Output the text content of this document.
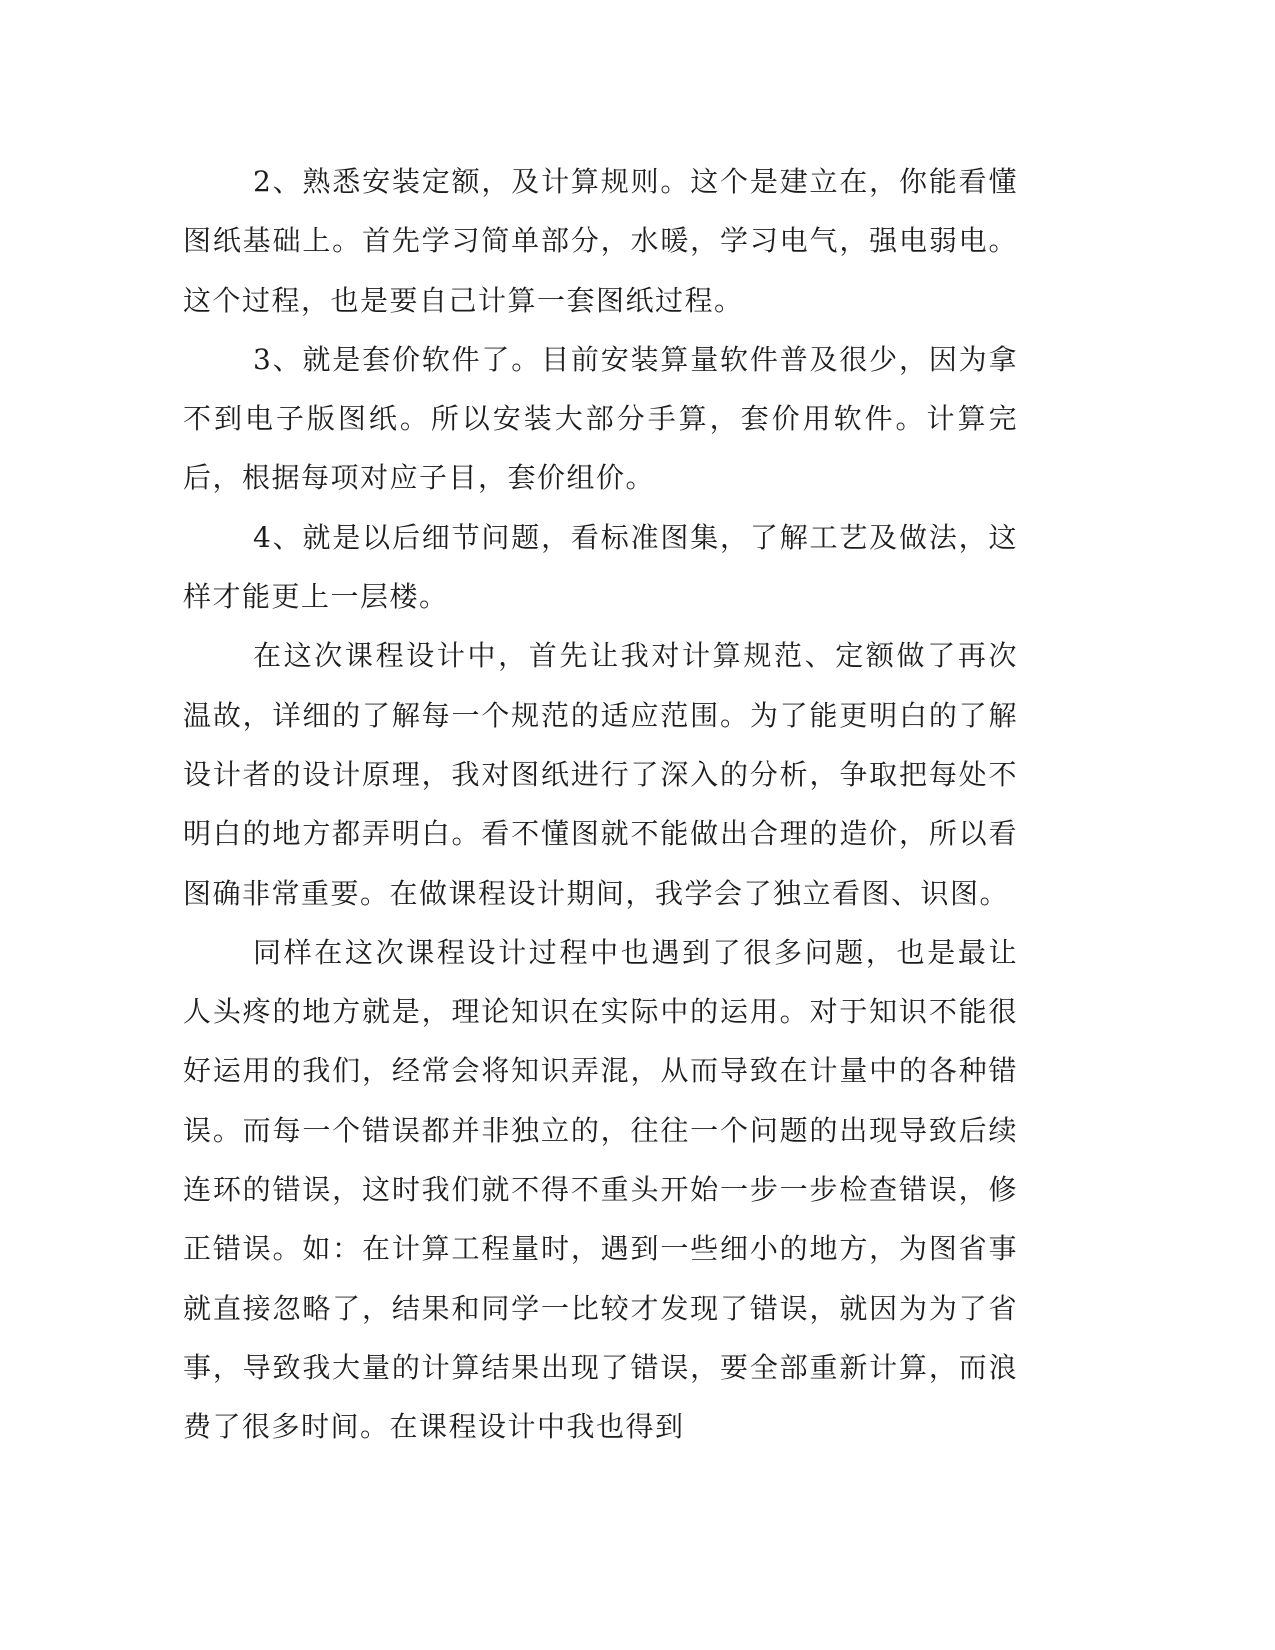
2、熟悉安装定额，及计算规则。这个是建立在，你能看懂图纸基础上。首先学习简单部分，水暖，学习电气，强电弱电。这个过程，也是要自己计算一套图纸过程。

3、就是套价软件了。目前安装算量软件普及很少，因为拿不到电子版图纸。所以安装大部分手算，套价用软件。计算完后，根据每项对应子目，套价组价。

4、就是以后细节问题，看标准图集，了解工艺及做法，这样才能更上一层楼。

在这次课程设计中，首先让我对计算规范、定额做了再次温故，详细的了解每一个规范的适应范围。为了能更明白的了解设计者的设计原理，我对图纸进行了深入的分析，争取把每处不明白的地方都弄明白。看不懂图就不能做出合理的造价，所以看图确非常重要。在做课程设计期间，我学会了独立看图、识图。

同样在这次课程设计过程中也遇到了很多问题，也是最让人头疼的地方就是，理论知识在实际中的运用。对于知识不能很好运用的我们，经常会将知识弄混，从而导致在计量中的各种错误。而每一个错误都并非独立的，往往一个问题的出现导致后续连环的错误，这时我们就不得不重头开始一步一步检查错误，修正错误。如：在计算工程量时，遇到一些细小的地方，为图省事就直接忽略了，结果和同学一比较才发现了错误，就因为为了省事，导致我大量的计算结果出现了错误，要全部重新计算，而浪费了很多时间。在课程设计中我也得到
